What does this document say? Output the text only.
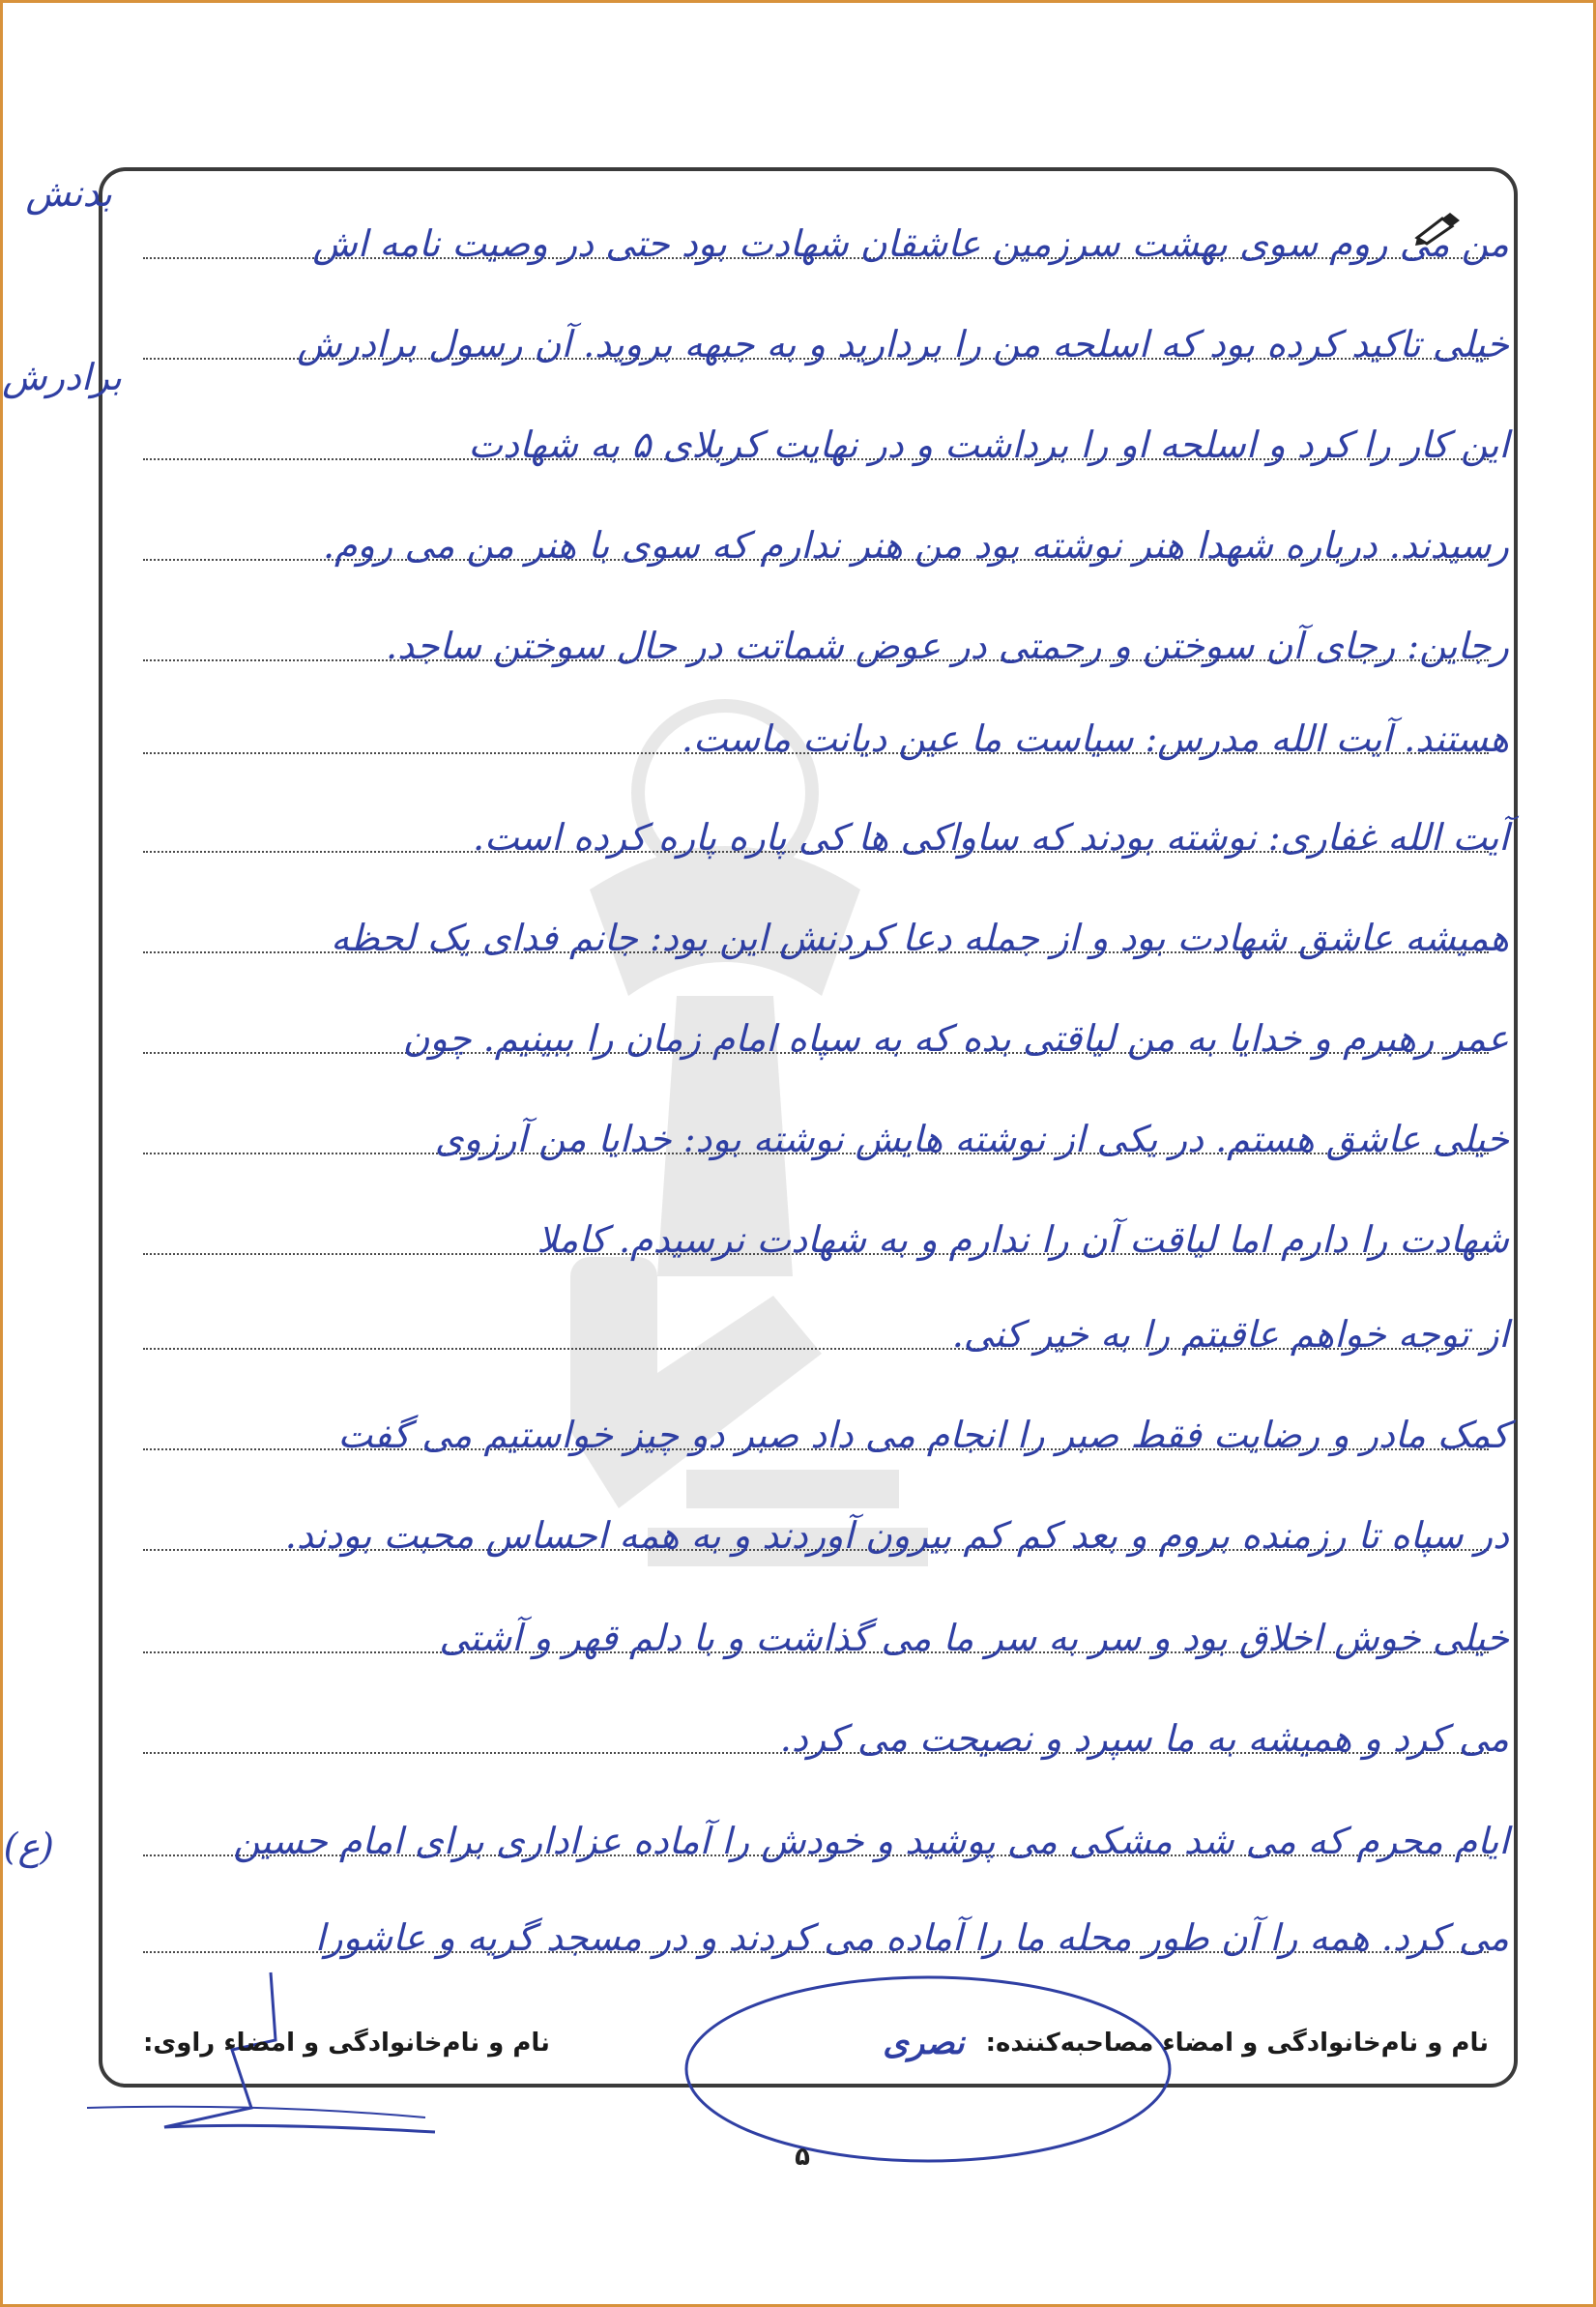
من می روم سوی بهشت سرزمین عاشقان شهادت بود حتی در وصیت نامه اش
خیلی تاکید کرده بود که اسلحه من را بردارید و به جبهه بروید. آن رسول برادرش
این کار را کرد و اسلحه او را برداشت و در نهایت کربلای ۵ به شهادت
رسیدند. درباره شهدا هنر نوشته بود من هنر ندارم که سوی با هنر من می روم.
رجاین: رجای آن سوختن و رحمتی در عوض شماتت در حال سوختن ساجد.
هستند. آیت الله مدرس: سیاست ما عین دیانت ماست.
آیت الله غفاری: نوشته بودند که ساواکی ها کی پاره پاره کرده است.
همیشه عاشق شهادت بود و از جمله دعا کردنش این بود: جانم فدای یک لحظه
عمر رهبرم و خدایا به من لیاقتی بده که به سپاه امام زمان را ببینیم. چون
خیلی عاشق هستم. در یکی از نوشته هایش نوشته بود: خدایا من آرزوی
شهادت را دارم اما لیاقت آن را ندارم و به شهادت نرسیدم. کاملا
از توجه خواهم عاقبتم را به خیر کنی.
کمک مادر و رضایت فقط صبر را انجام می داد صبر دو چیز خواستیم می گفت
در سپاه تا رزمنده بروم و بعد کم کم بیرون آوردند و به همه احساس محبت بودند.
خیلی خوش اخلاق بود و سر به سر ما می گذاشت و با دلم قهر و آشتی
می کرد و همیشه به ما سپرد و نصیحت می کرد.
ایام محرم که می شد مشکی می پوشید و خودش را آماده عزاداری برای امام حسین
می کرد. همه را آن طور محله ما را آماده می کردند و در مسجد گریه و عاشورا
بدنش
برادرش
(ع)
نام و نام‌خانوادگی و امضاء مصاحبه‌کننده:
نصری
نام و نام‌خانوادگی و امضاء راوی:
۵
